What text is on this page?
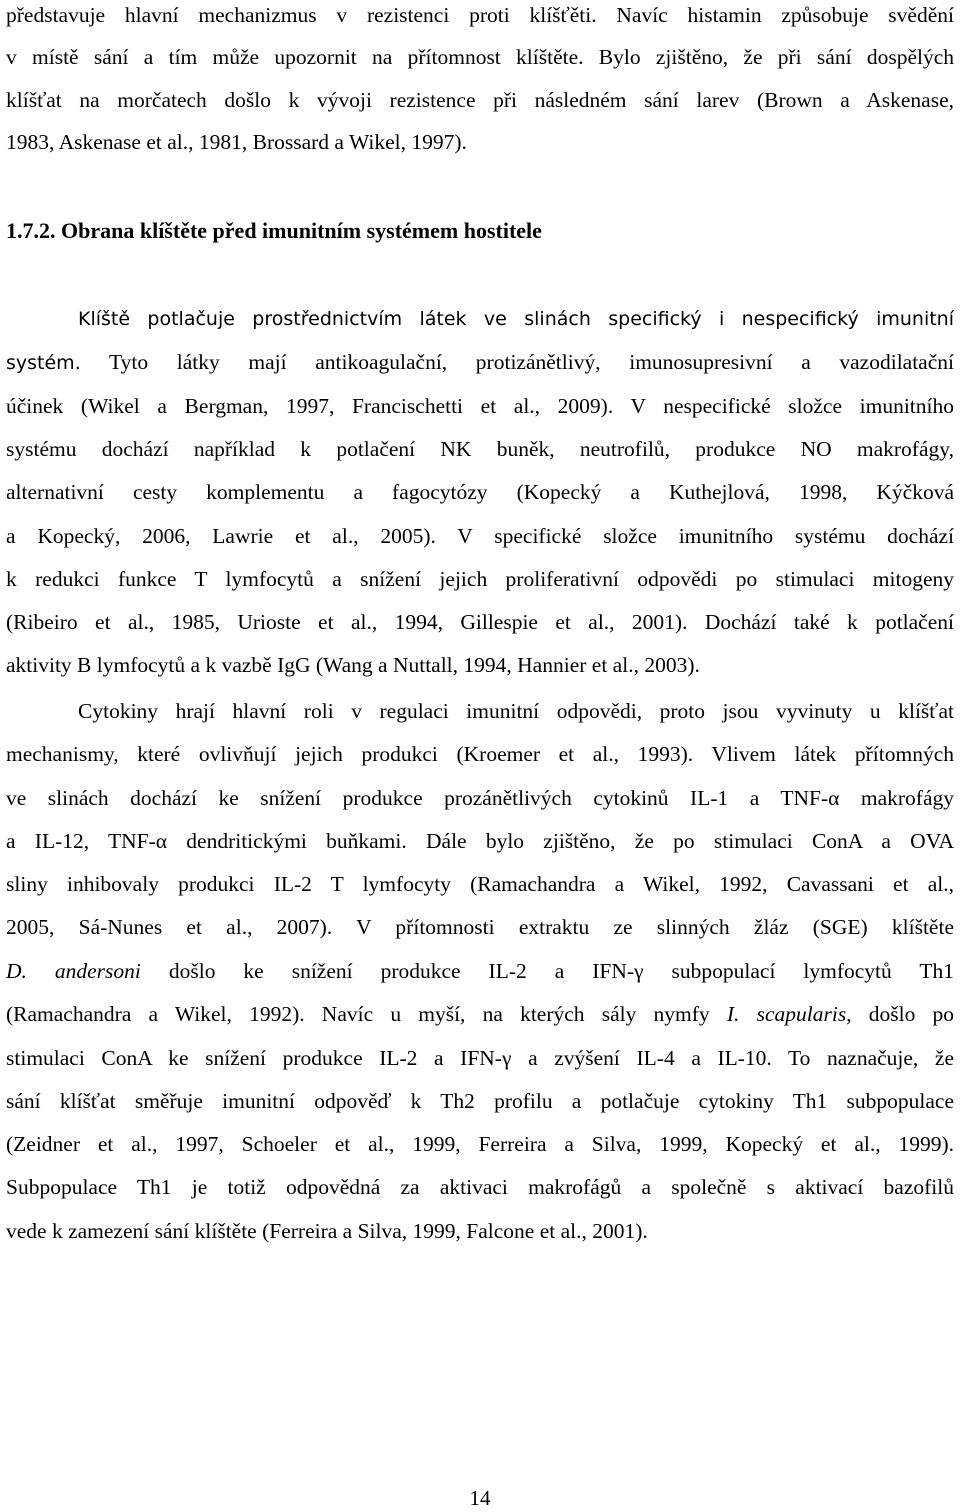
představuje hlavní mechanizmus v rezistenci proti klíšťěti. Navíc histamin způsobuje svědění
v místě sání a tím může upozornit na přítomnost klíštěte. Bylo zjištěno, že při sání dospělých
klíšťat na morčatech došlo k vývoji rezistence při následném sání larev (Brown a Askenase,
1983, Askenase et al., 1981, Brossard a Wikel, 1997).
1.7.2. Obrana klíštěte před imunitním systémem hostitele
Klíště potlačuje prostřednictvím látek ve slinách specifický i nespecifický imunitní
systém. Tyto látky mají antikoagulační, protizánětlivý, imunosupresivní a vazodilatační
účinek (Wikel a Bergman, 1997, Francischetti et al., 2009). V nespecifické složce imunitního
systému dochází například k potlačení NK buněk, neutrofilů, produkce NO makrofágy,
alternativní cesty komplementu a fagocytózy (Kopecký a Kuthejlová, 1998, Kýčková
a Kopecký, 2006, Lawrie et al., 2005). V specifické složce imunitního systému dochází
k redukci funkce T lymfocytů a snížení jejich proliferativní odpovědi po stimulaci mitogeny
(Ribeiro et al., 1985, Urioste et al., 1994, Gillespie et al., 2001). Dochází také k potlačení
aktivity B lymfocytů a k vazbě IgG (Wang a Nuttall, 1994, Hannier et al., 2003).
Cytokiny hrají hlavní roli v regulaci imunitní odpovědi, proto jsou vyvinuty u klíšťat
mechanismy, které ovlivňují jejich produkci (Kroemer et al., 1993). Vlivem látek přítomných
ve slinách dochází ke snížení produkce prozánětlivých cytokinů IL-1 a TNF-α makrofágy
a IL-12, TNF-α dendritickými buňkami. Dále bylo zjištěno, že po stimulaci ConA a OVA
sliny inhibovaly produkci IL-2 T lymfocyty (Ramachandra a Wikel, 1992, Cavassani et al.,
2005, Sá-Nunes et al., 2007). V přítomnosti extraktu ze slinných žláz (SGE) klíštěte
D. andersoni došlo ke snížení produkce IL-2 a IFN-γ subpopulací lymfocytů Th1
(Ramachandra a Wikel, 1992). Navíc u myší, na kterých sály nymfy I. scapularis, došlo po
stimulaci ConA ke snížení produkce IL-2 a IFN-γ a zvýšení IL-4 a IL-10. To naznačuje, že
sání klíšťat směřuje imunitní odpověď k Th2 profilu a potlačuje cytokiny Th1 subpopulace
(Zeidner et al., 1997, Schoeler et al., 1999, Ferreira a Silva, 1999, Kopecký et al., 1999).
Subpopulace Th1 je totiž odpovědná za aktivaci makrofágů a společně s aktivací bazofilů
vede k zamezení sání klíštěte (Ferreira a Silva, 1999, Falcone et al., 2001).
14
